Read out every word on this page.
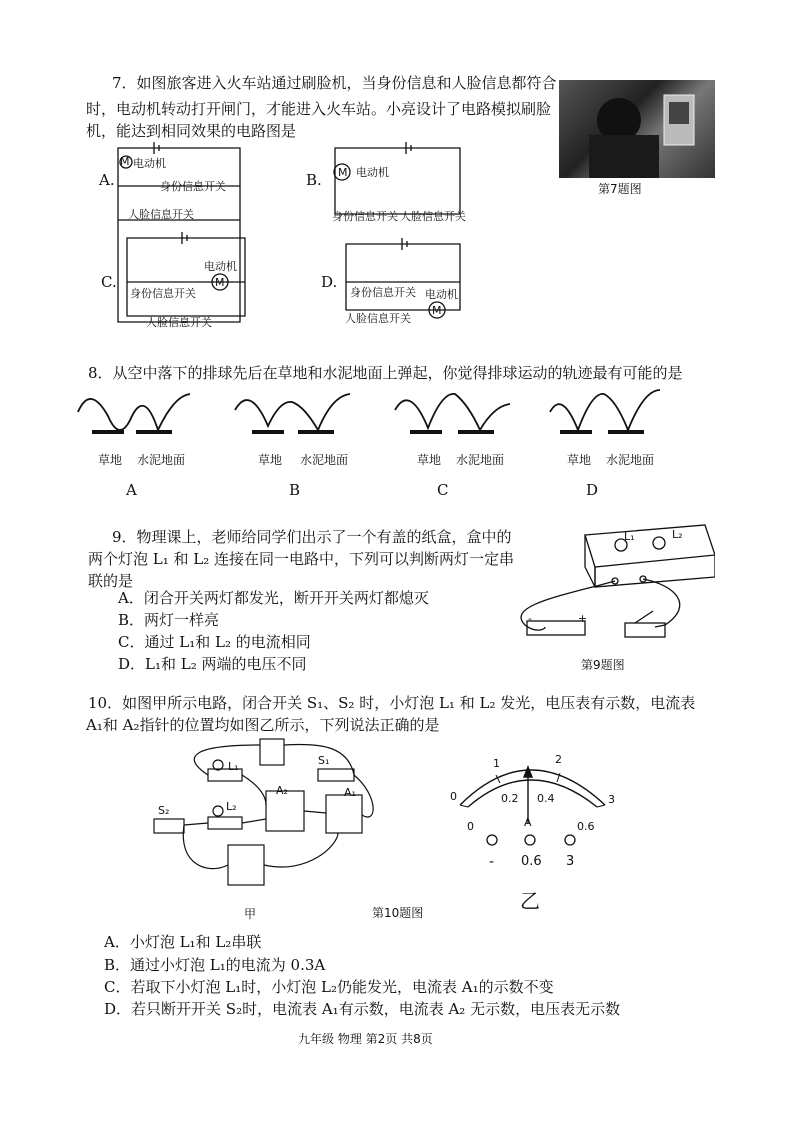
7．如图旅客进入火车站通过刷脸机，当身份信息和人脸信息都符合
时，电动机转动打开闸门，才能进入火车站。小亮设计了电路模拟刷脸
机，能达到相同效果的电路图是
第7题图
A.
M 电动机
身份信息开关
人脸信息开关
B. M 电动机
身份信息开关 人脸信息开关
C.
电动机
M
身份信息开关
人脸信息开关
D.
身份信息开关 电动机
M
人脸信息开关
8．从空中落下的排球先后在草地和水泥地面上弹起，你觉得排球运动的轨迹最有可能的是
草地 水泥地面	草地 水泥地面	草地 水泥地面	草地 水泥地面
A	B	C	D
9．物理课上，老师给同学们出示了一个有盖的纸盒，盒中的
两个灯泡 L₁ 和 L₂ 连接在同一电路中，下列可以判断两灯一定串
联的是
A．闭合开关两灯都发光，断开开关两灯都熄灭
B．两灯一样亮
C．通过 L₁和 L₂ 的电流相同
D．L₁和 L₂ 两端的电压不同
L₁	L₂
-	+
第9题图
10．如图甲所示电路，闭合开关 S₁、S₂ 时，小灯泡 L₁ 和 L₂ 发光，电压表有示数，电流表
A₁和 A₂指针的位置均如图乙所示，下列说法正确的是
L₁	S₁
S₂	L₂
A₂	A₁
甲	第10题图
0
1	2
3
0
0.2 0.4
0.6
A
- 0.6 3
乙
A．小灯泡 L₁和 L₂串联
B．通过小灯泡 L₁的电流为 0.3A
C．若取下小灯泡 L₁时，小灯泡 L₂仍能发光，电流表 A₁的示数不变
D．若只断开开关 S₂时，电流表 A₁有示数，电流表 A₂ 无示数，电压表无示数
九年级 物理 第2页 共8页
